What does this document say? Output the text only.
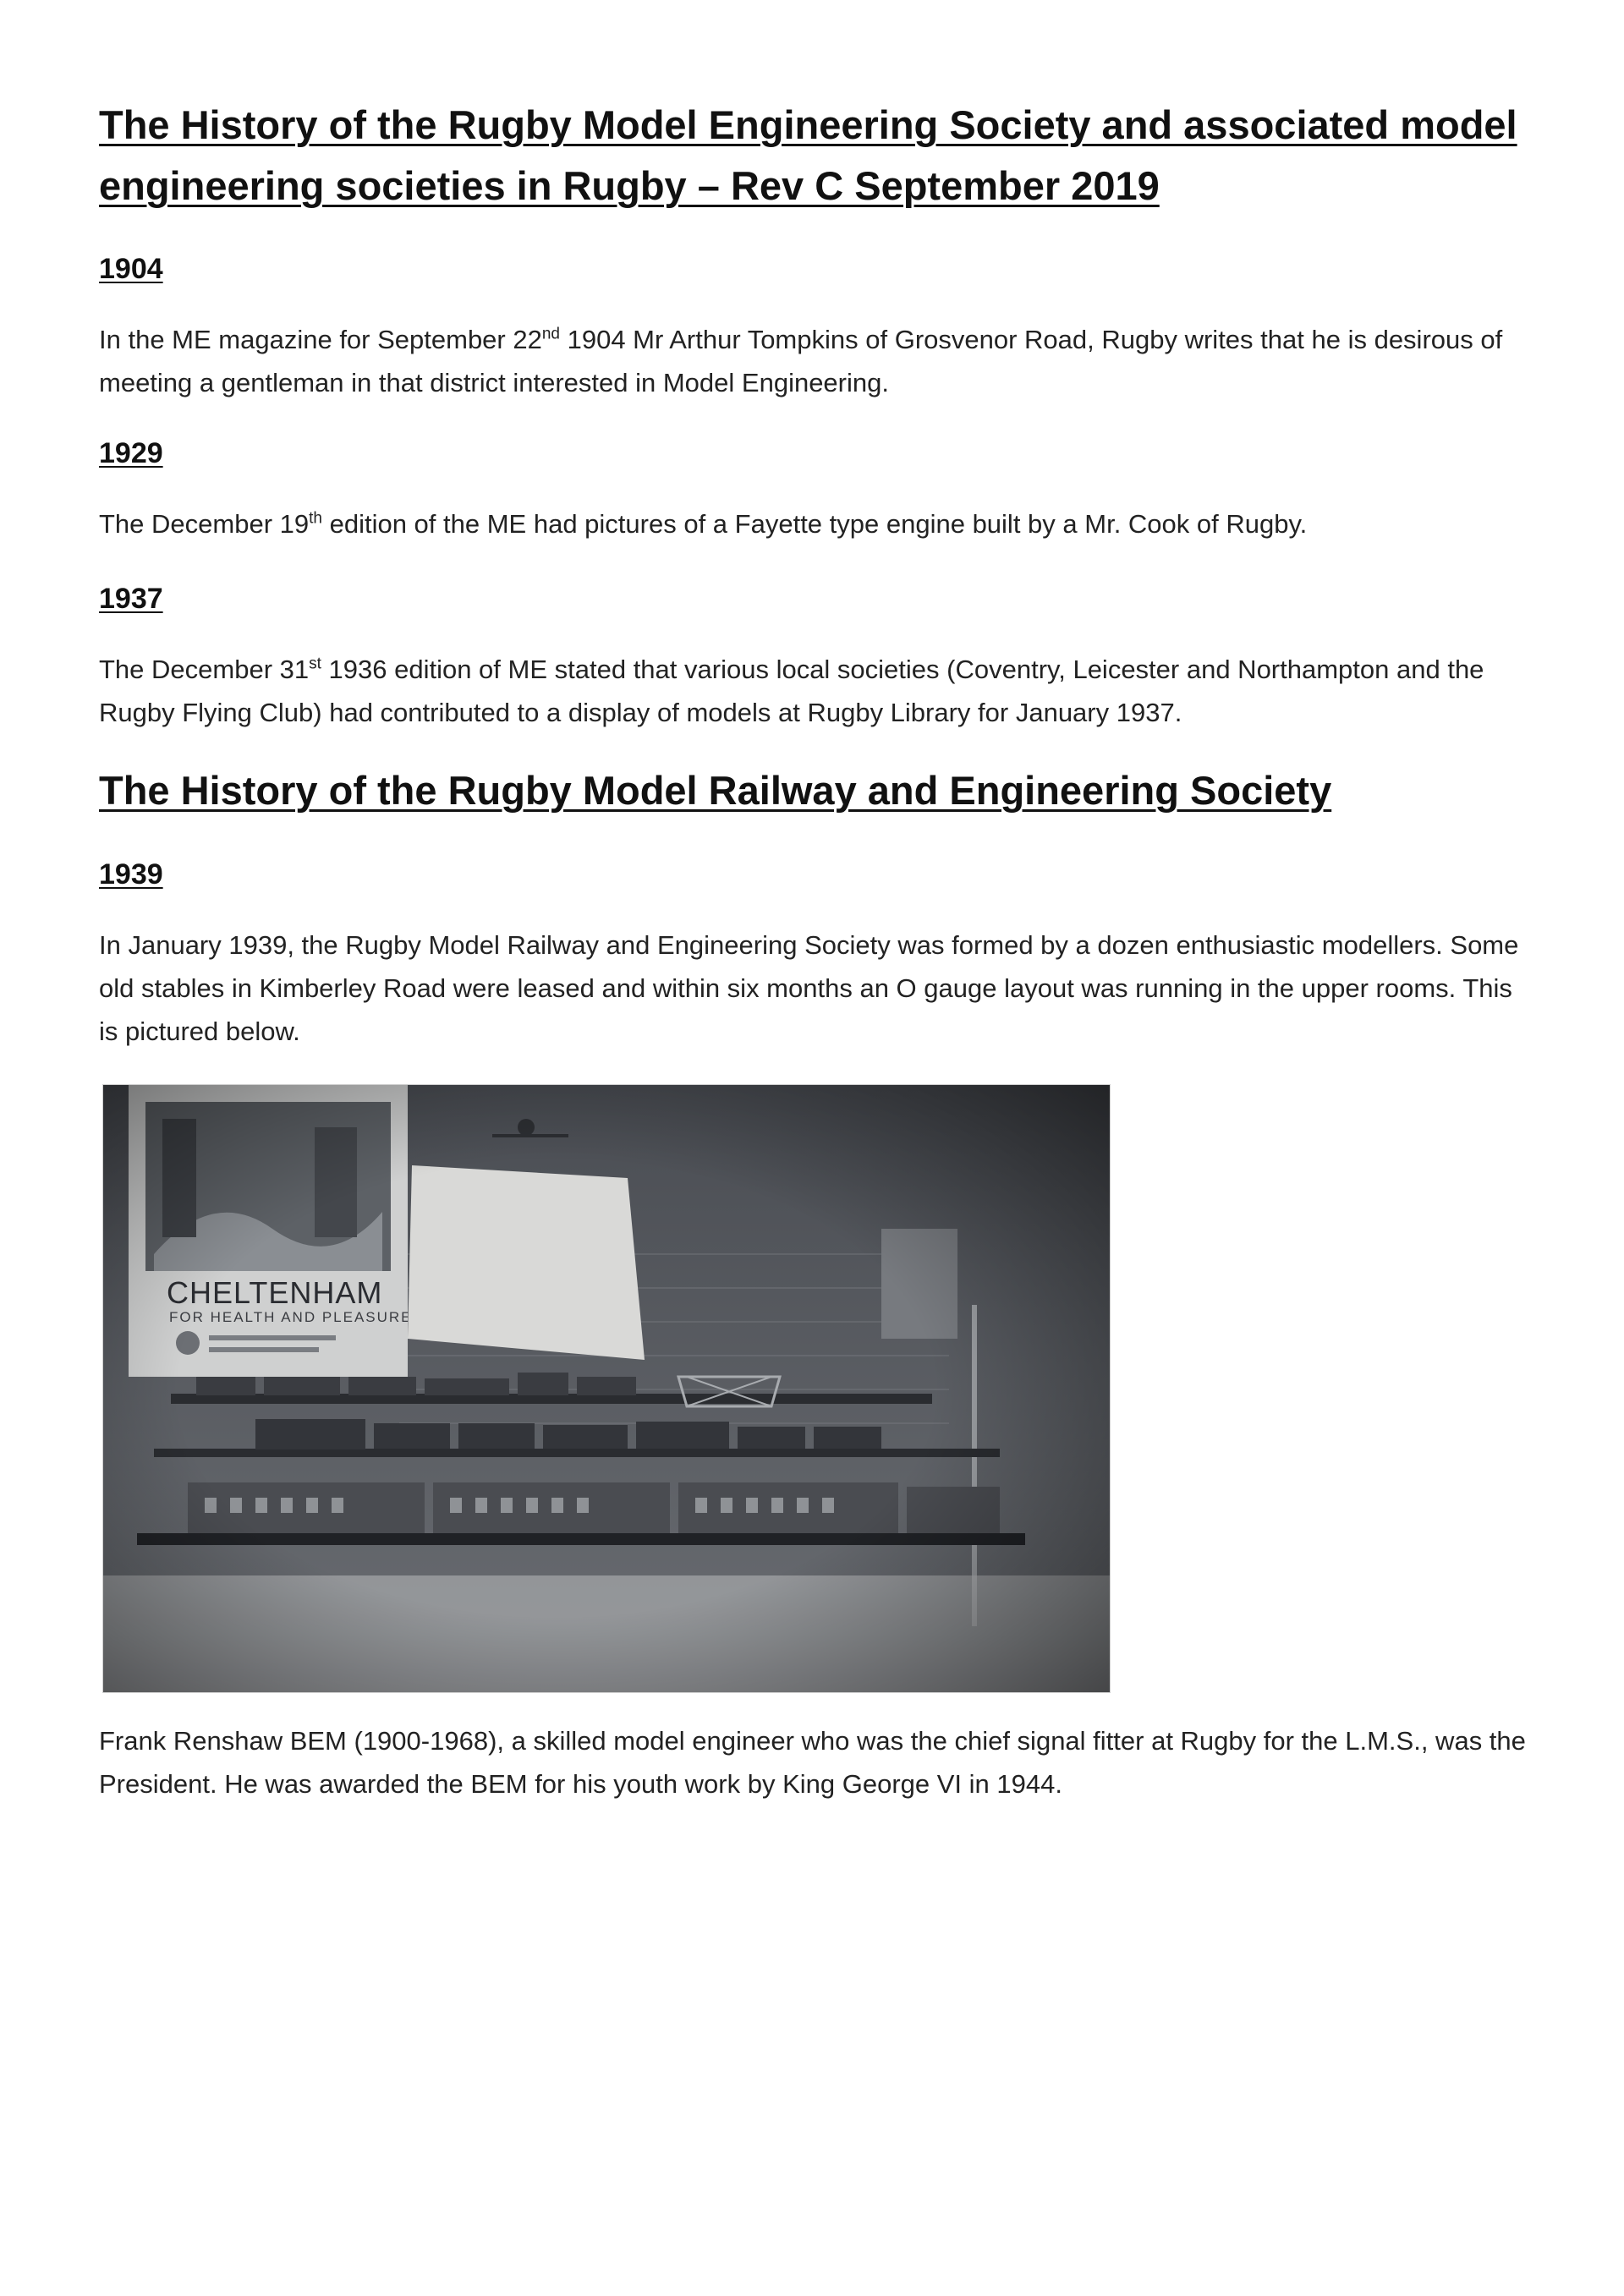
The History of the Rugby Model Engineering Society and associated model
engineering societies in Rugby – Rev C September 2019

1904

In the ME magazine for September 22nd 1904 Mr Arthur Tompkins of Grosvenor Road, Rugby writes that he is desirous of meeting a gentleman in that district interested in Model Engineering.

1929

The December 19th edition of the ME had pictures of a Fayette type engine built by a Mr. Cook of Rugby.

1937

The December 31st 1936 edition of ME stated that various local societies (Coventry, Leicester and Northampton and the Rugby Flying Club) had contributed to a display of models at Rugby Library for January 1937.

The History of the Rugby Model Railway and Engineering Society

1939

In January 1939, the Rugby Model Railway and Engineering Society was formed by a dozen enthusiastic modellers. Some old stables in Kimberley Road were leased and within six months an O gauge layout was running in the upper rooms. This is pictured below.

Frank Renshaw BEM (1900-1968), a skilled model engineer who was the chief signal fitter at Rugby for the L.M.S., was the President. He was awarded the BEM for his youth work by King George VI in 1944.
